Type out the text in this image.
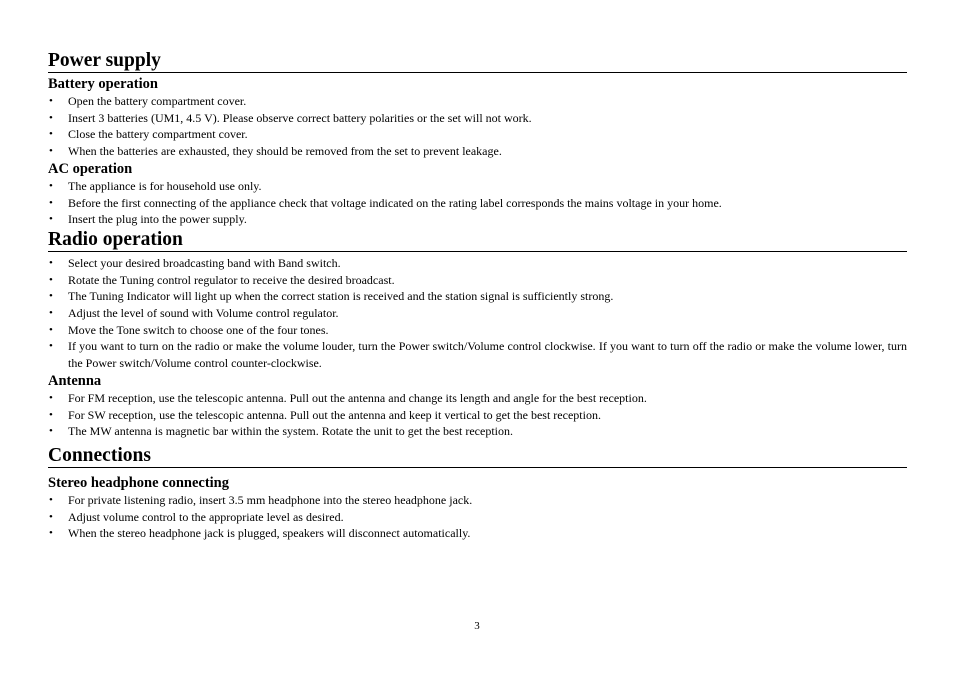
Power supply
Battery operation
• Open the battery compartment cover.
• Insert 3 batteries (UM1, 4.5 V). Please observe correct battery polarities or the set will not work.
• Close the battery compartment cover.
• When the batteries are exhausted, they should be removed from the set to prevent leakage.
AC operation
• The appliance is for household use only.
• Before the first connecting of the appliance check that voltage indicated on the rating label corresponds the mains voltage in your home.
• Insert the plug into the power supply.
Radio operation
• Select your desired broadcasting band with Band switch.
• Rotate the Tuning control regulator to receive the desired broadcast.
• The Tuning Indicator will light up when the correct station is received and the station signal is sufficiently strong.
• Adjust the level of sound with Volume control regulator.
• Move the Tone switch to choose one of the four tones.
• If you want to turn on the radio or make the volume louder, turn the Power switch/Volume control clockwise. If you want to turn off the radio or make the volume lower, turn the Power switch/Volume control counter-clockwise.
Antenna
• For FM reception, use the telescopic antenna. Pull out the antenna and change its length and angle for the best reception.
• For SW reception, use the telescopic antenna. Pull out the antenna and keep it vertical to get the best reception.
• The MW antenna is magnetic bar within the system. Rotate the unit to get the best reception.
Connections
Stereo headphone connecting
• For private listening radio, insert 3.5 mm headphone into the stereo headphone jack.
• Adjust volume control to the appropriate level as desired.
• When the stereo headphone jack is plugged, speakers will disconnect automatically.
3
